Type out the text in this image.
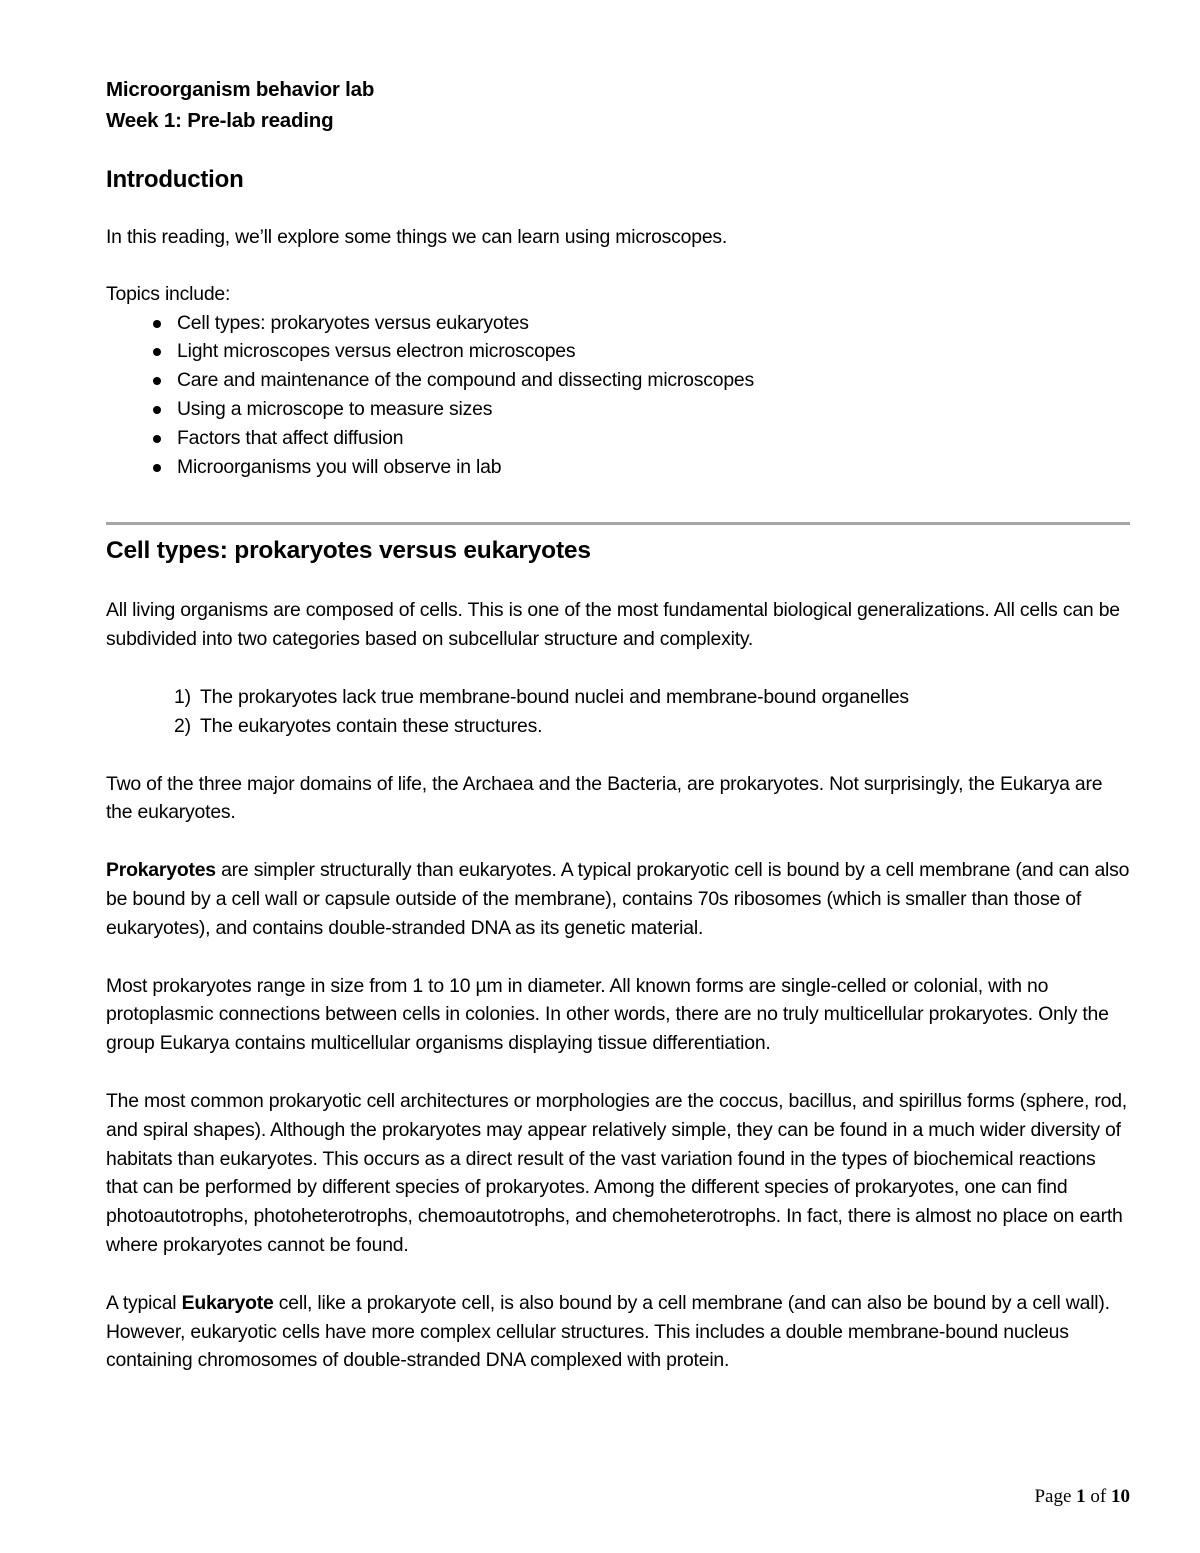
Microorganism behavior lab
Week 1: Pre-lab reading
Introduction

In this reading, we’ll explore some things we can learn using microscopes.

Topics include:

Cell types: prokaryotes versus eukaryotes
Light microscopes versus electron microscopes
Care and maintenance of the compound and dissecting microscopes
Using a microscope to measure sizes
Factors that affect diffusion
Microorganisms you will observe in lab
Cell types: prokaryotes versus eukaryotes

All living organisms are composed of cells. This is one of the most fundamental biological generalizations. All cells can be subdivided into two categories based on subcellular structure and complexity.

1) The prokaryotes lack true membrane-bound nuclei and membrane-bound organelles
2) The eukaryotes contain these structures.

Two of the three major domains of life, the Archaea and the Bacteria, are prokaryotes. Not surprisingly, the Eukarya are the eukaryotes.

Prokaryotes are simpler structurally than eukaryotes. A typical prokaryotic cell is bound by a cell membrane (and can also be bound by a cell wall or capsule outside of the membrane), contains 70s ribosomes (which is smaller than those of eukaryotes), and contains double-stranded DNA as its genetic material.

Most prokaryotes range in size from 1 to 10 µm in diameter. All known forms are single-celled or colonial, with no protoplasmic connections between cells in colonies. In other words, there are no truly multicellular prokaryotes. Only the group Eukarya contains multicellular organisms displaying tissue differentiation.

The most common prokaryotic cell architectures or morphologies are the coccus, bacillus, and spirillus forms (sphere, rod, and spiral shapes). Although the prokaryotes may appear relatively simple, they can be found in a much wider diversity of habitats than eukaryotes. This occurs as a direct result of the vast variation found in the types of biochemical reactions that can be performed by different species of prokaryotes. Among the different species of prokaryotes, one can find photoautotrophs, photoheterotrophs, chemoautotrophs, and chemoheterotrophs. In fact, there is almost no place on earth where prokaryotes cannot be found.

A typical Eukaryote cell, like a prokaryote cell, is also bound by a cell membrane (and can also be bound by a cell wall). However, eukaryotic cells have more complex cellular structures. This includes a double membrane-bound nucleus containing chromosomes of double-stranded DNA complexed with protein.

Page 1 of 10
